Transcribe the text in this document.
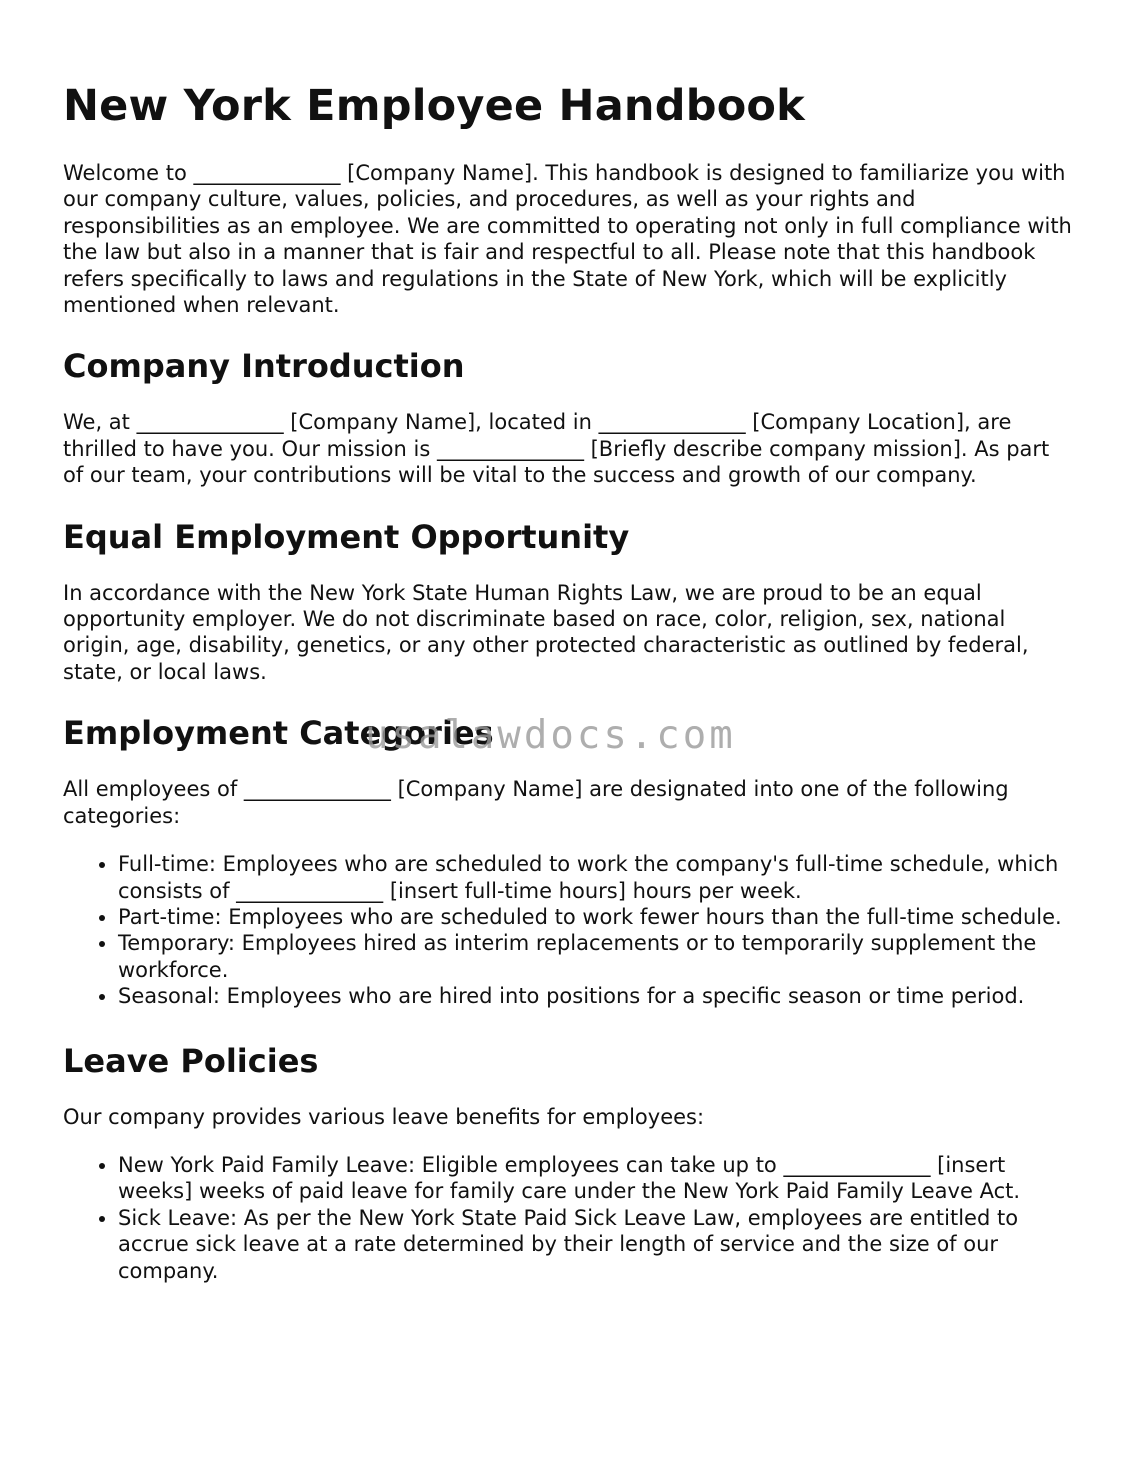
New York Employee Handbook

Welcome to ______________ [Company Name]. This handbook is designed to familiarize you with our company culture, values, policies, and procedures, as well as your rights and responsibilities as an employee. We are committed to operating not only in full compliance with the law but also in a manner that is fair and respectful to all. Please note that this handbook refers specifically to laws and regulations in the State of New York, which will be explicitly mentioned when relevant.

Company Introduction

We, at ______________ [Company Name], located in ______________ [Company Location], are thrilled to have you. Our mission is ______________ [Briefly describe company mission]. As part of our team, your contributions will be vital to the success and growth of our company.

Equal Employment Opportunity

In accordance with the New York State Human Rights Law, we are proud to be an equal opportunity employer. We do not discriminate based on race, color, religion, sex, national origin, age, disability, genetics, or any other protected characteristic as outlined by federal, state, or local laws.

Employment Categories

All employees of ______________ [Company Name] are designated into one of the following categories:

• Full-time: Employees who are scheduled to work the company's full-time schedule, which consists of ______________ [insert full-time hours] hours per week.
• Part-time: Employees who are scheduled to work fewer hours than the full-time schedule.
• Temporary: Employees hired as interim replacements or to temporarily supplement the workforce.
• Seasonal: Employees who are hired into positions for a specific season or time period.
Leave Policies

Our company provides various leave benefits for employees:

• New York Paid Family Leave: Eligible employees can take up to ______________ [insert weeks] weeks of paid leave for family care under the New York Paid Family Leave Act.
• Sick Leave: As per the New York State Paid Sick Leave Law, employees are entitled to accrue sick leave at a rate determined by their length of service and the size of our company.
usalawdocs.com
